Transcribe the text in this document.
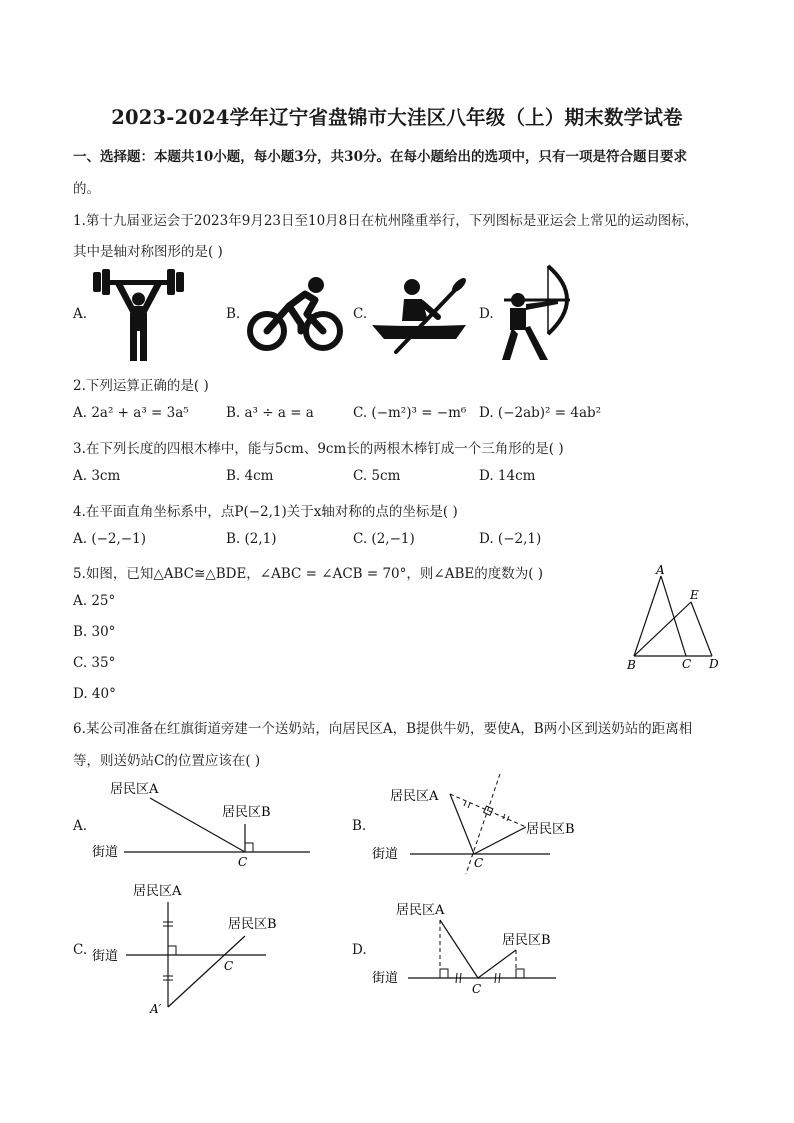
2023-2024学年辽宁省盘锦市大洼区八年级（上）期末数学试卷
一、选择题：本题共10小题，每小题3分，共30分。在每小题给出的选项中，只有一项是符合题目要求
的。
1.第十九届亚运会于2023年9月23日至10月8日在杭州隆重举行，下列图标是亚运会上常见的运动图标，
其中是轴对称图形的是( )
A.	B.	C.	D.
2.下列运算正确的是( )
A. 2a² + a³ = 3a⁵	B. a³ ÷ a = a	C. (−m²)³ = −m⁶ D. (−2ab)² = 4ab²
3.在下列长度的四根木棒中，能与5cm、9cm长的两根木棒钉成一个三角形的是( )
A. 3cm	B. 4cm	C. 5cm	D. 14cm
4.在平面直角坐标系中，点P(−2,1)关于x轴对称的点的坐标是( )
A. (−2,−1)	B. (2,1)	C. (2,−1)	D. (−2,1)
5.如图，已知△ABC≅△BDE，∠ABC = ∠ACB = 70°，则∠ABE的度数为( )
A. 25°
B. 30°
C. 35°
D. 40°
A
E
B	C D
6.某公司准备在红旗街道旁建一个送奶站，向居民区A，B提供牛奶，要使A，B两小区到送奶站的距离相
等，则送奶站C的位置应该在( )
A.	B.
C.	D.
居民区A
居民区B
街道
C
居民区A
居民区B
街道
C
居民区A
居民区B
街道
C
A′
居民区A
居民区B
街道
C
